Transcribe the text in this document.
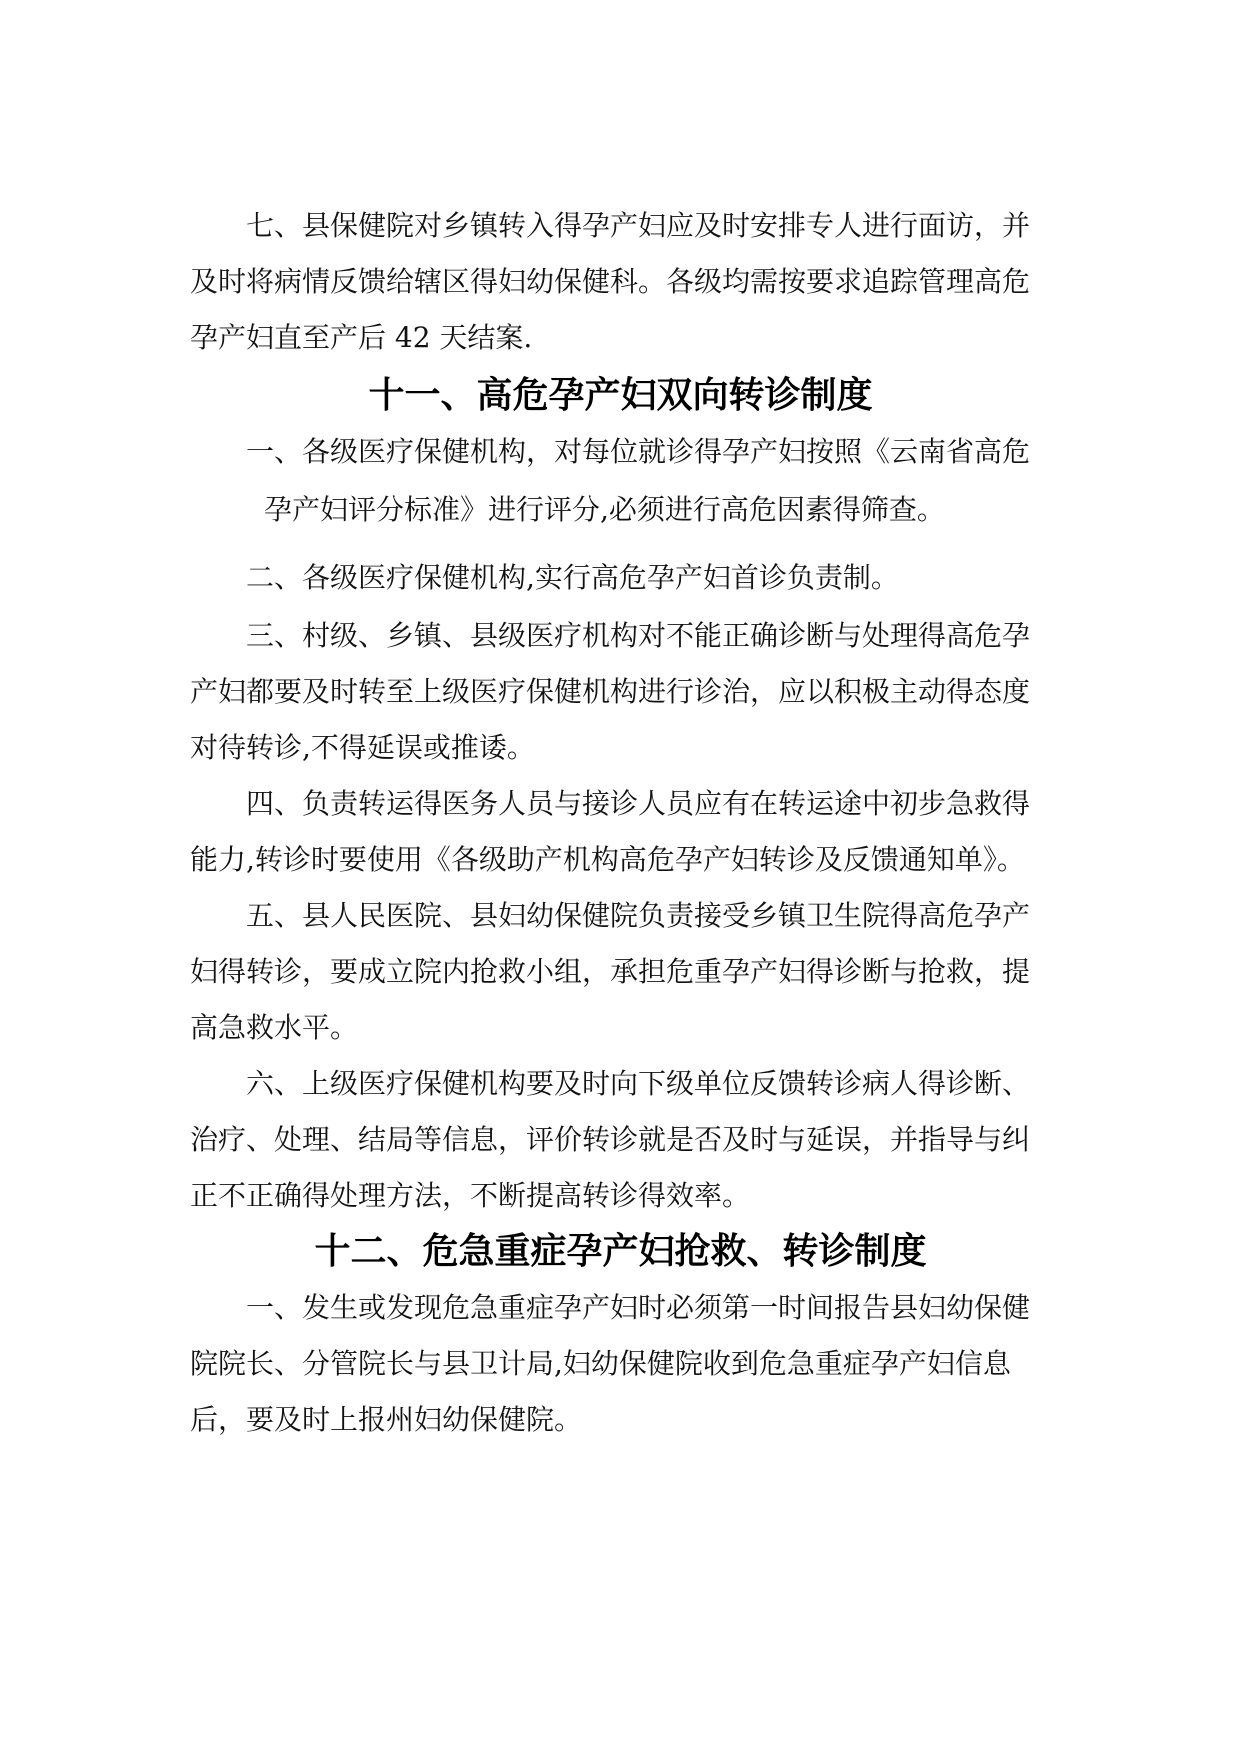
七、县保健院对乡镇转入得孕产妇应及时安排专人进行面访，并
及时将病情反馈给辖区得妇幼保健科。各级均需按要求追踪管理高危
孕产妇直至产后 42 天结案.
十一、高危孕产妇双向转诊制度
一、各级医疗保健机构，对每位就诊得孕产妇按照《云南省高危
孕产妇评分标准》进行评分,必须进行高危因素得筛查。
二、各级医疗保健机构,实行高危孕产妇首诊负责制。
三、村级、乡镇、县级医疗机构对不能正确诊断与处理得高危孕
产妇都要及时转至上级医疗保健机构进行诊治，应以积极主动得态度
对待转诊,不得延误或推诿。
四、负责转运得医务人员与接诊人员应有在转运途中初步急救得
能力,转诊时要使用《各级助产机构高危孕产妇转诊及反馈通知单》。
五、县人民医院、县妇幼保健院负责接受乡镇卫生院得高危孕产
妇得转诊，要成立院内抢救小组，承担危重孕产妇得诊断与抢救，提
高急救水平。
六、上级医疗保健机构要及时向下级单位反馈转诊病人得诊断、
治疗、处理、结局等信息，评价转诊就是否及时与延误，并指导与纠
正不正确得处理方法，不断提高转诊得效率。
十二、危急重症孕产妇抢救、转诊制度
一、发生或发现危急重症孕产妇时必须第一时间报告县妇幼保健
院院长、分管院长与县卫计局,妇幼保健院收到危急重症孕产妇信息
后，要及时上报州妇幼保健院。
